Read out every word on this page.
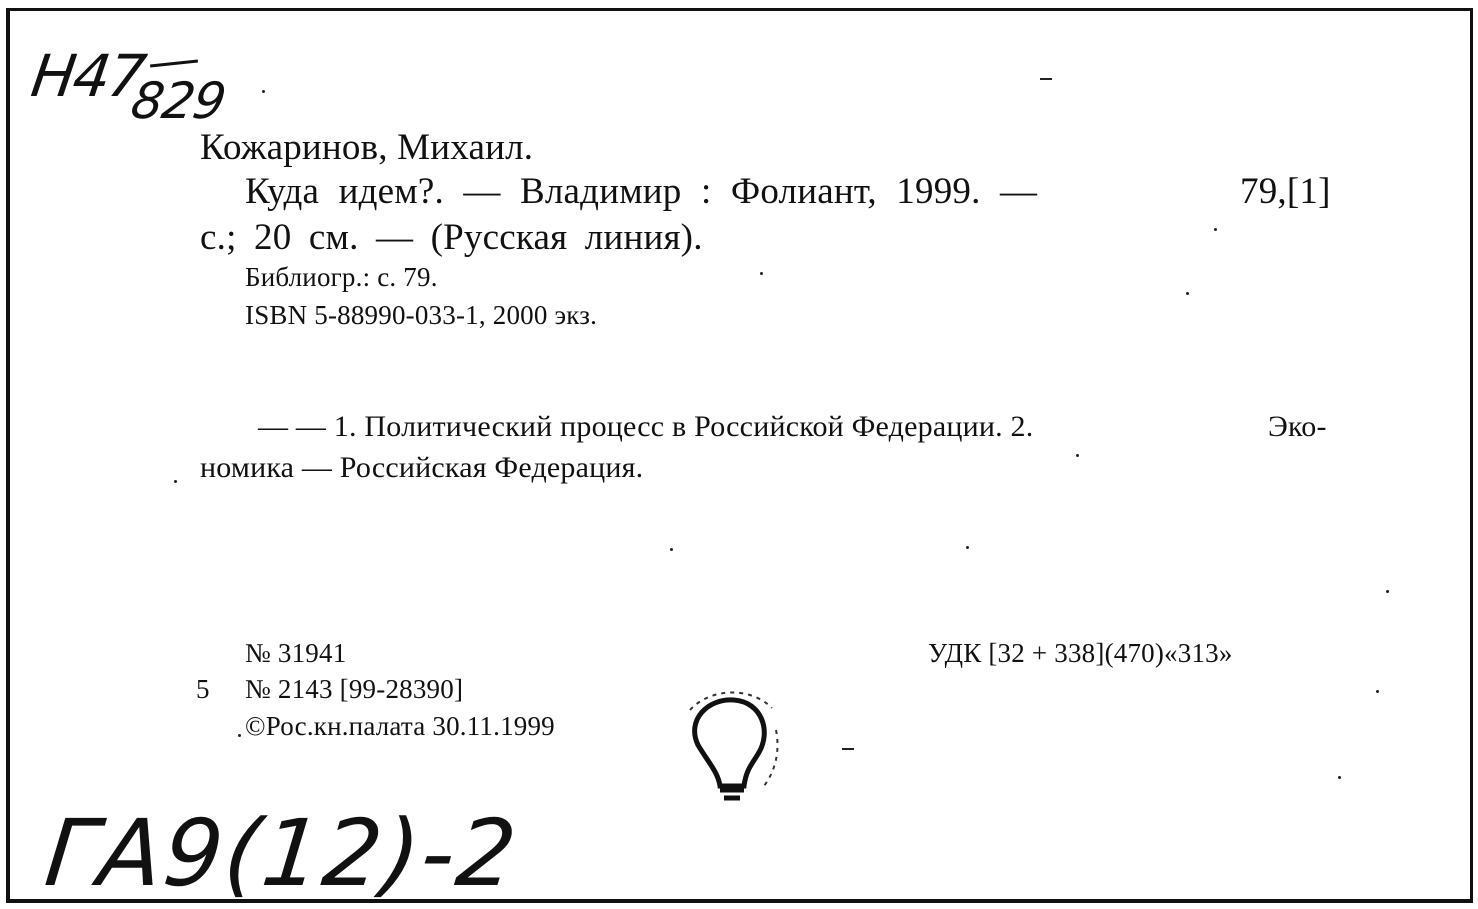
Н47
829
ГА9(12)-2
Кожаринов, Михаил.
Куда идем?. — Владимир : Фолиант, 1999. —	79,[1]
с.; 20 см. — (Русская линия).
Библиогр.: с. 79.
ISBN 5-88990-033-1, 2000 экз.
— — 1. Политический процесс в Российской Федерации. 2.	Эко-
номика — Российская Федерация.
№ 31941
5 № 2143 [99-28390]
©Рос.кн.палата 30.11.1999
УДК [32 + 338](470)«313»
